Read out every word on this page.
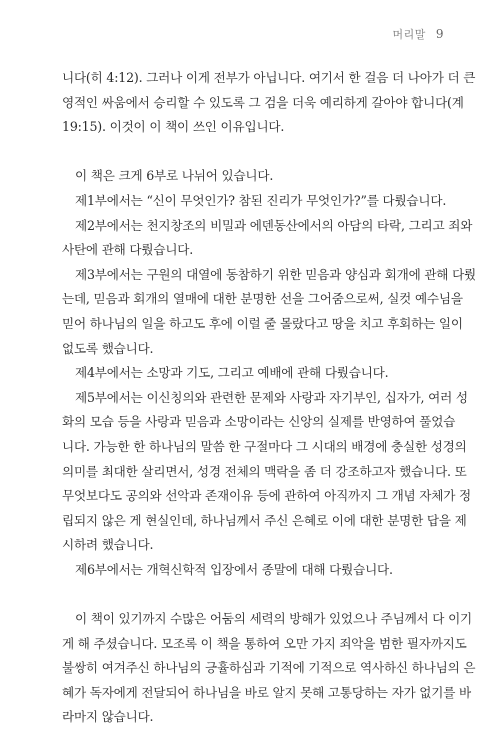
머리말 9
니다(히 4:12). 그러나 이게 전부가 아닙니다. 여기서 한 걸음 더 나아가 더 큰
영적인 싸움에서 승리할 수 있도록 그 검을 더욱 예리하게 갈아야 합니다(계
19:15). 이것이 이 책이 쓰인 이유입니다.
이 책은 크게 6부로 나뉘어 있습니다.
제1부에서는 “신이 무엇인가? 참된 진리가 무엇인가?”를 다뤘습니다.
제2부에서는 천지창조의 비밀과 에덴동산에서의 아담의 타락, 그리고 죄와
사탄에 관해 다뤘습니다.
제3부에서는 구원의 대열에 동참하기 위한 믿음과 양심과 회개에 관해 다뤘
는데, 믿음과 회개의 열매에 대한 분명한 선을 그어줌으로써, 실컷 예수님을
믿어 하나님의 일을 하고도 후에 이럴 줄 몰랐다고 땅을 치고 후회하는 일이
없도록 했습니다.
제4부에서는 소망과 기도, 그리고 예배에 관해 다뤘습니다.
제5부에서는 이신칭의와 관련한 문제와 사랑과 자기부인, 십자가, 여러 성
화의 모습 등을 사랑과 믿음과 소망이라는 신앙의 실제를 반영하여 풀었습
니다. 가능한 한 하나님의 말씀 한 구절마다 그 시대의 배경에 충실한 성경의
의미를 최대한 살리면서, 성경 전체의 맥락을 좀 더 강조하고자 했습니다. 또
무엇보다도 공의와 선악과 존재이유 등에 관하여 아직까지 그 개념 자체가 정
립되지 않은 게 현실인데, 하나님께서 주신 은혜로 이에 대한 분명한 답을 제
시하려 했습니다.
제6부에서는 개혁신학적 입장에서 종말에 대해 다뤘습니다.
이 책이 있기까지 수많은 어둠의 세력의 방해가 있었으나 주님께서 다 이기
게 해 주셨습니다. 모조록 이 책을 통하여 오만 가지 죄악을 범한 필자까지도
불쌍히 여겨주신 하나님의 긍휼하심과 기적에 기적으로 역사하신 하나님의 은
혜가 독자에게 전달되어 하나님을 바로 알지 못해 고통당하는 자가 없기를 바
라마지 않습니다.
